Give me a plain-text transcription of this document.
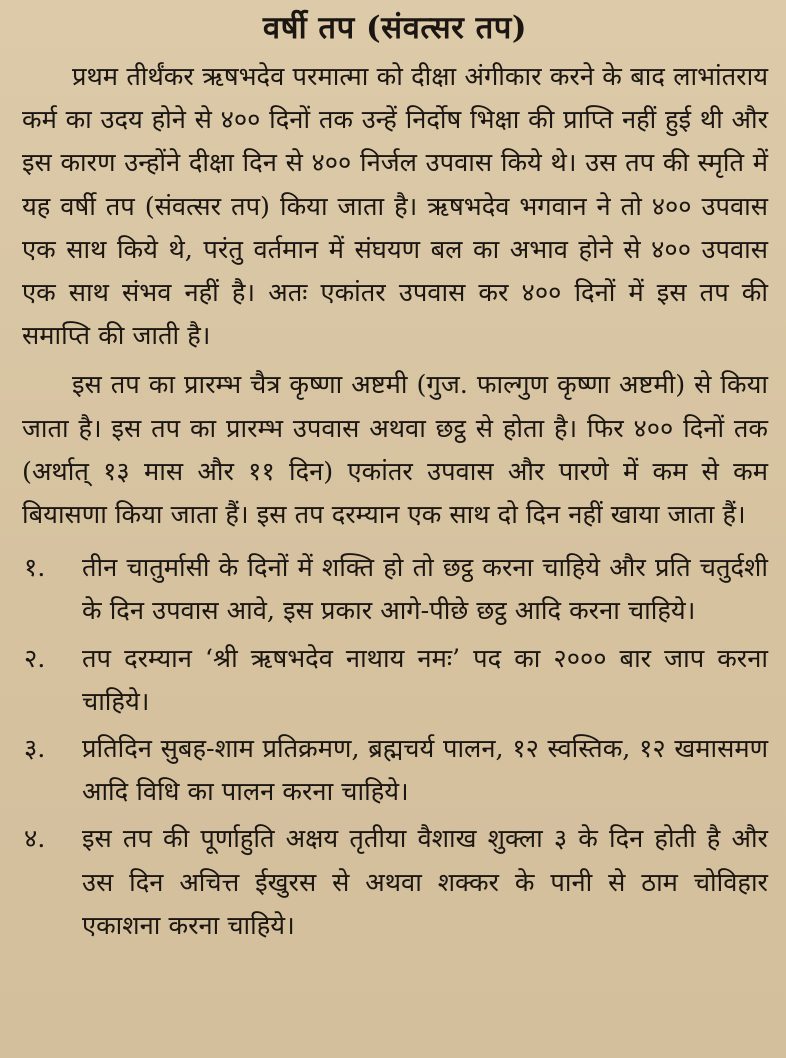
वर्षी तप (संवत्सर तप)

प्रथम तीर्थंकर ऋषभदेव परमात्मा को दीक्षा अंगीकार करने के बाद लाभांतराय कर्म का उदय होने से ४०० दिनों तक उन्हें निर्दोष भिक्षा की प्राप्ति नहीं हुई थी और इस कारण उन्होंने दीक्षा दिन से ४०० निर्जल उपवास किये थे। उस तप की स्मृति में यह वर्षी तप (संवत्सर तप) किया जाता है। ऋषभदेव भगवान ने तो ४०० उपवास एक साथ किये थे, परंतु वर्तमान में संघयण बल का अभाव होने से ४०० उपवास एक साथ संभव नहीं है। अतः एकांतर उपवास कर ४०० दिनों में इस तप की समाप्ति की जाती है।

इस तप का प्रारम्भ चैत्र कृष्णा अष्टमी (गुज. फाल्गुण कृष्णा अष्टमी) से किया जाता है। इस तप का प्रारम्भ उपवास अथवा छट्ठ से होता है। फिर ४०० दिनों तक (अर्थात् १३ मास और ११ दिन) एकांतर उपवास और पारणे में कम से कम बियासणा किया जाता हैं। इस तप दरम्यान एक साथ दो दिन नहीं खाया जाता हैं।

१.	तीन चातुर्मासी के दिनों में शक्ति हो तो छट्ठ करना चाहिये और प्रति चतुर्दशी के दिन उपवास आवे, इस प्रकार आगे-पीछे छट्ठ आदि करना चाहिये।
२.	तप दरम्यान ‘श्री ऋषभदेव नाथाय नमः’ पद का २००० बार जाप करना चाहिये।
३.	प्रतिदिन सुबह-शाम प्रतिक्रमण, ब्रह्मचर्य पालन, १२ स्वस्तिक, १२ खमासमण आदि विधि का पालन करना चाहिये।
४.	इस तप की पूर्णाहुति अक्षय तृतीया वैशाख शुक्ला ३ के दिन होती है और उस दिन अचित्त ईखुरस से अथवा शक्कर के पानी से ठाम चोविहार एकाशना करना चाहिये।
